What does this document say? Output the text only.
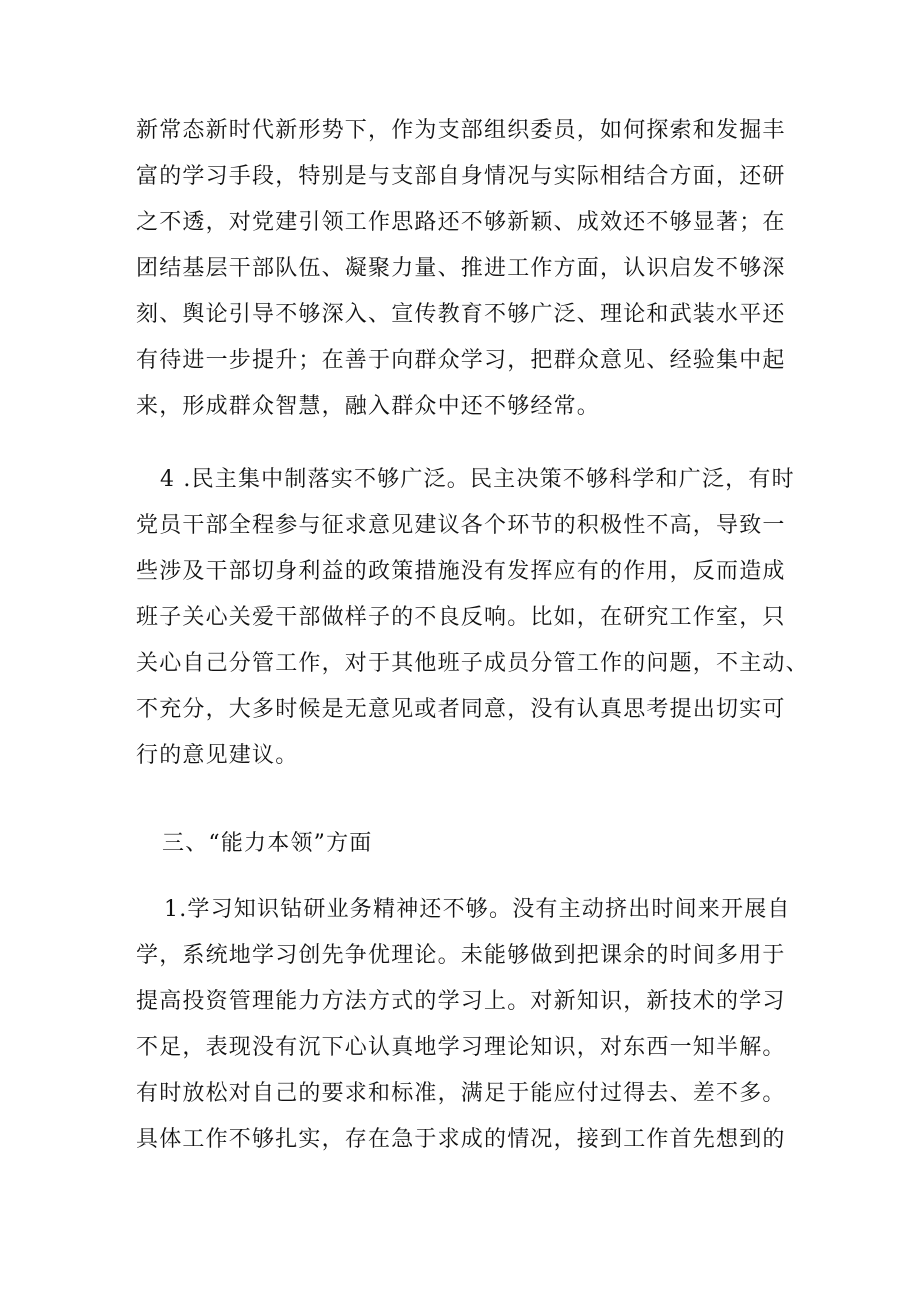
新常态新时代新形势下，作为支部组织委员，如何探索和发掘丰
富的学习手段，特别是与支部自身情况与实际相结合方面，还研
之不透，对党建引领工作思路还不够新颖、成效还不够显著；在
团结基层干部队伍、凝聚力量、推进工作方面，认识启发不够深
刻、舆论引导不够深入、宣传教育不够广泛、理论和武装水平还
有待进一步提升；在善于向群众学习，把群众意见、经验集中起
来，形成群众智慧，融入群众中还不够经常。
4 .民主集中制落实不够广泛。民主决策不够科学和广泛，有时
党员干部全程参与征求意见建议各个环节的积极性不高，导致一
些涉及干部切身利益的政策措施没有发挥应有的作用，反而造成
班子关心关爱干部做样子的不良反响。比如，在研究工作室，只
关心自己分管工作，对于其他班子成员分管工作的问题，不主动、
不充分，大多时候是无意见或者同意，没有认真思考提出切实可
行的意见建议。
三、“能力本领”方面
1.学习知识钻研业务精神还不够。没有主动挤出时间来开展自
学，系统地学习创先争优理论。未能够做到把课余的时间多用于
提高投资管理能力方法方式的学习上。对新知识，新技术的学习
不足，表现没有沉下心认真地学习理论知识，对东西一知半解。
有时放松对自己的要求和标准，满足于能应付过得去、差不多。
具体工作不够扎实，存在急于求成的情况，接到工作首先想到的
